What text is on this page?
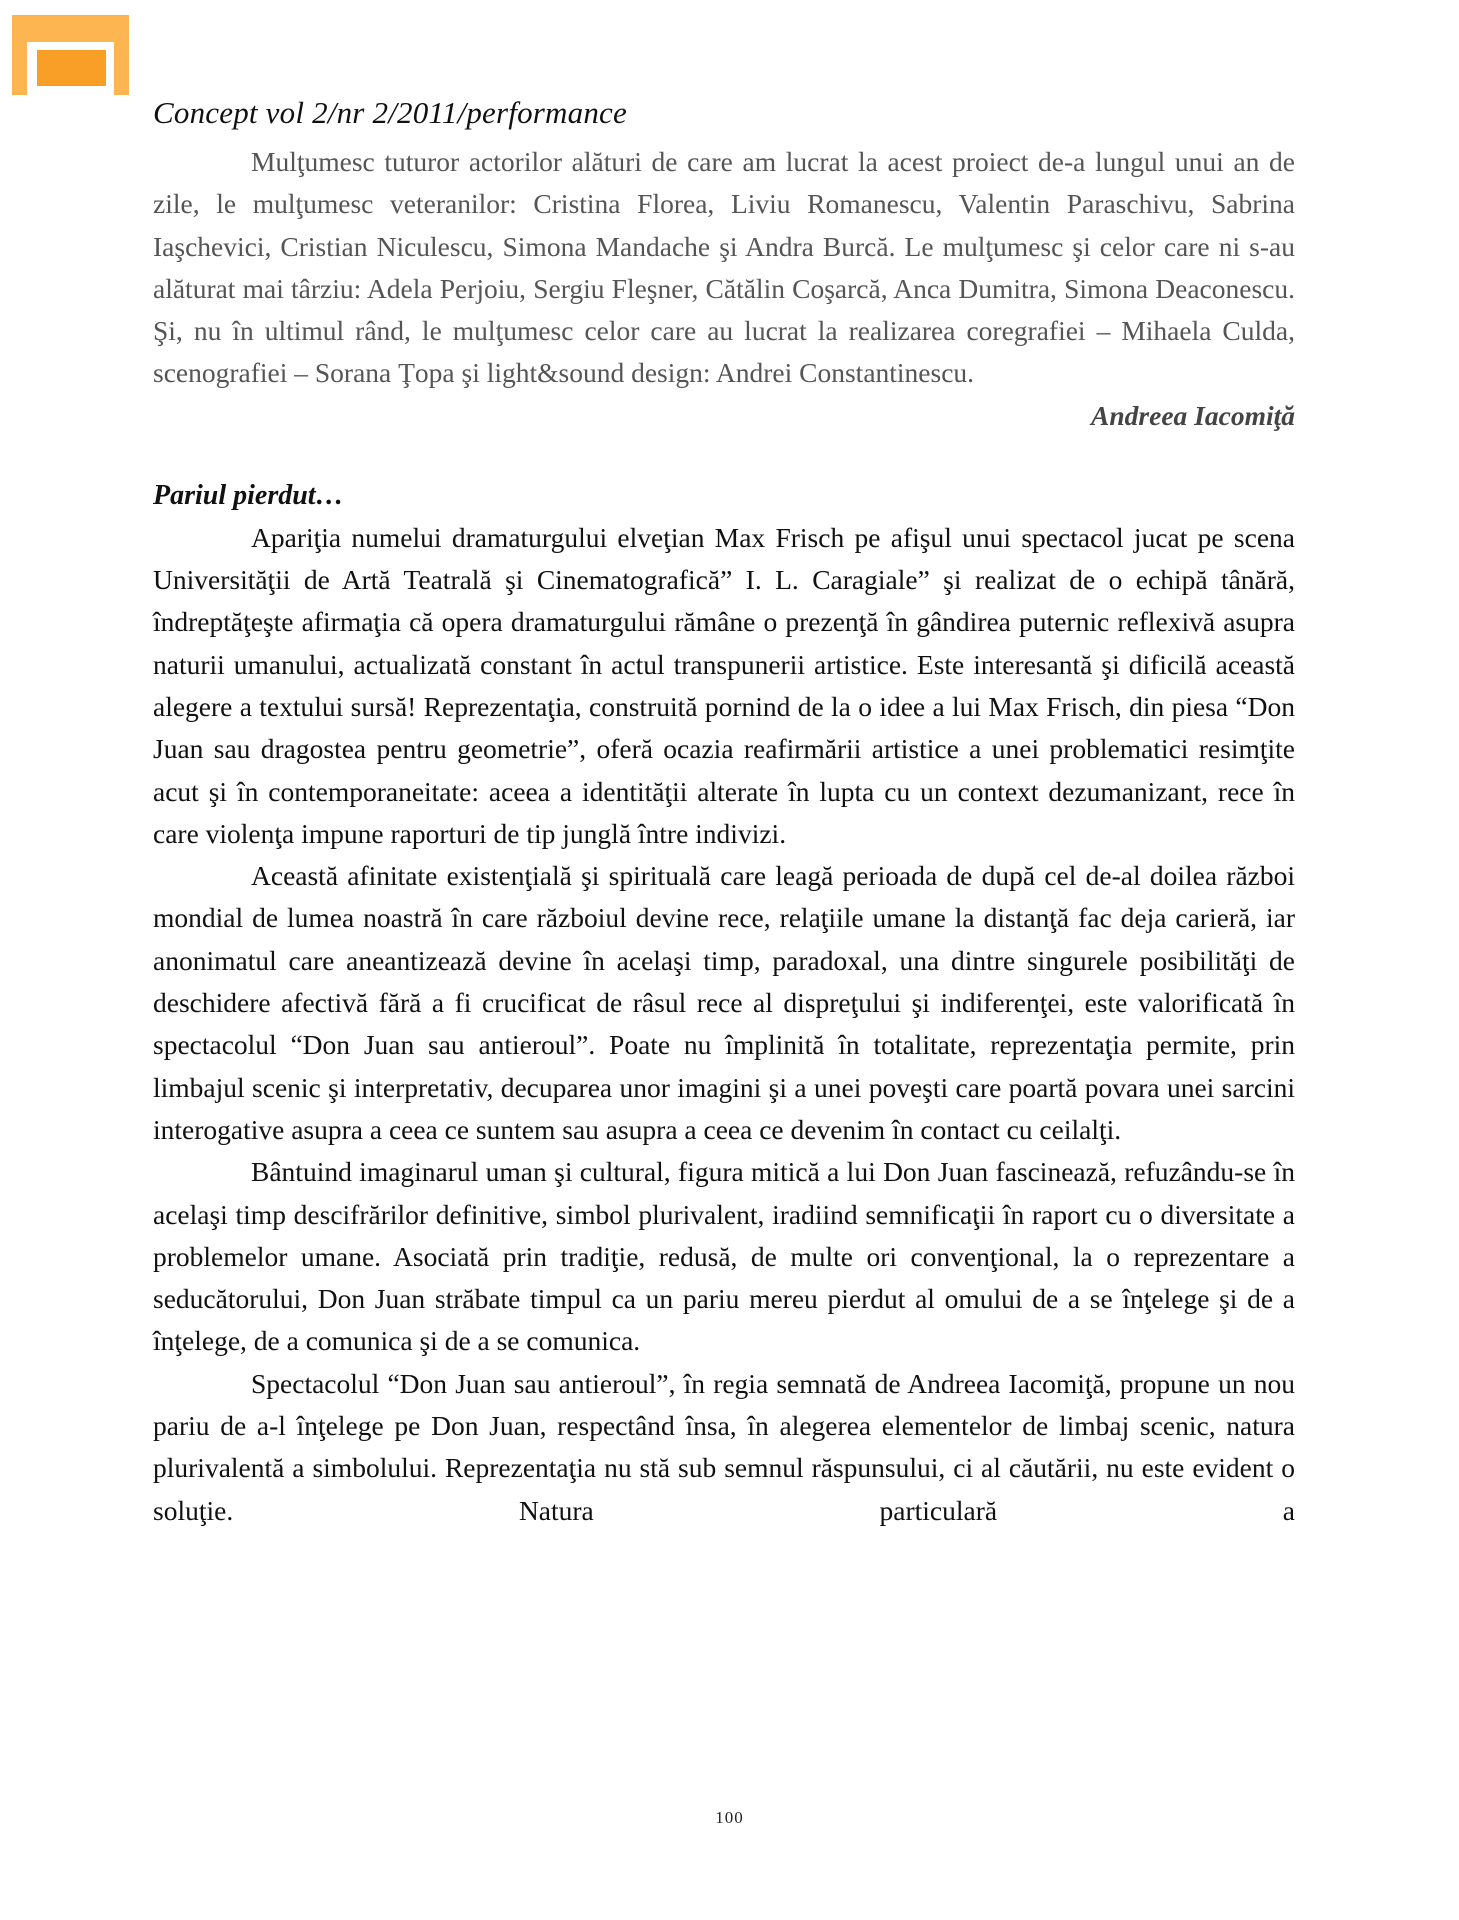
Concept vol 2/nr 2/2011/performance

Mulţumesc tuturor actorilor alături de care am lucrat la acest proiect de-a lungul unui an de zile, le mulţumesc veteranilor: Cristina Florea, Liviu Romanescu, Valentin Paraschivu, Sabrina Iaşchevici, Cristian Niculescu, Simona Mandache şi Andra Burcă. Le mulţumesc şi celor care ni s-au alăturat mai târziu: Adela Perjoiu, Sergiu Fleşner, Cătălin Coşarcă, Anca Dumitra, Simona Deaconescu. Şi, nu în ultimul rând, le mulţumesc celor care au lucrat la realizarea coregrafiei – Mihaela Culda, scenografiei – Sorana Ţopa şi light&sound design: Andrei Constantinescu.

Andreea Iacomiţă
Pariul pierdut…

Apariţia numelui dramaturgului elveţian Max Frisch pe afişul unui spectacol jucat pe scena Universităţii de Artă Teatrală şi Cinematografică” I. L. Caragiale” şi realizat de o echipă tânără, îndreptăţeşte afirmaţia că opera dramaturgului rămâne o prezenţă în gândirea puternic reflexivă asupra naturii umanului, actualizată constant în actul transpunerii artistice. Este interesantă şi dificilă această alegere a textului sursă! Reprezentaţia, construită pornind de la o idee a lui Max Frisch, din piesa “Don Juan sau dragostea pentru geometrie”, oferă ocazia reafirmării artistice a unei problematici resimţite acut şi în contemporaneitate: aceea a identităţii alterate în lupta cu un context dezumanizant, rece în care violenţa impune raporturi de tip junglă între indivizi.

Această afinitate existenţială şi spirituală care leagă perioada de după cel de-al doilea război mondial de lumea noastră în care războiul devine rece, relaţiile umane la distanţă fac deja carieră, iar anonimatul care aneantizează devine în acelaşi timp, paradoxal, una dintre singurele posibilităţi de deschidere afectivă fără a fi crucificat de râsul rece al dispreţului şi indiferenţei, este valorificată în spectacolul “Don Juan sau antieroul”. Poate nu împlinită în totalitate, reprezentaţia permite, prin limbajul scenic şi interpretativ, decuparea unor imagini şi a unei poveşti care poartă povara unei sarcini interogative asupra a ceea ce suntem sau asupra a ceea ce devenim în contact cu ceilalţi.

Bântuind imaginarul uman şi cultural, figura mitică a lui Don Juan fascinează, refuzându-se în acelaşi timp descifrărilor definitive, simbol plurivalent, iradiind semnificaţii în raport cu o diversitate a problemelor umane. Asociată prin tradiţie, redusă, de multe ori convenţional, la o reprezentare a seducătorului, Don Juan străbate timpul ca un pariu mereu pierdut al omului de a se înţelege şi de a înţelege, de a comunica şi de a se comunica.

Spectacolul “Don Juan sau antieroul”, în regia semnată de Andreea Iacomiţă, propune un nou pariu de a-l înţelege pe Don Juan, respectând însa, în alegerea elementelor de limbaj scenic, natura plurivalentă a simbolului. Reprezentaţia nu stă sub semnul răspunsului, ci al căutării, nu este evident o soluţie. Natura particulară a

100
